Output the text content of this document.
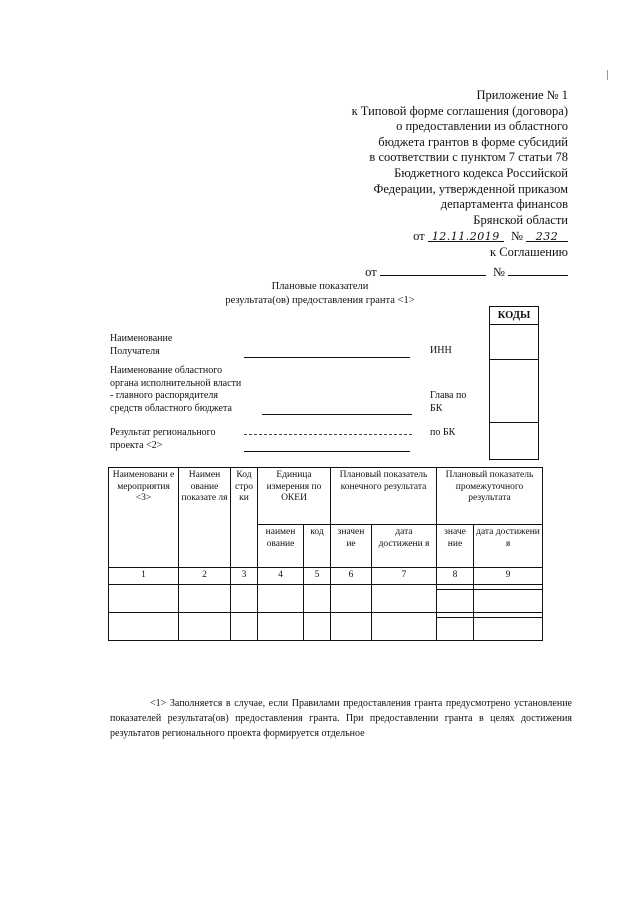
Приложение № 1
к Типовой форме соглашения (договора)
о предоставлении из областного
бюджета грантов в форме субсидий
в соответствии с пунктом 7 статьи 78
Бюджетного кодекса Российской
Федерации, утвержденной приказом
департамента финансов
Брянской области
от 12.11.2019 № 232
к Соглашению
от	№
Плановые показатели
результата(ов) предоставления гранта <1>
КОДЫ

Наименование
Получателя	ИНН
Наименование областного
органа исполнительной власти
- главного распорядителя
средств областного бюджета
Глава по
БК
Результат регионального
проекта <2>
по БК
Наименовани е мероприятия <3>	Наимен ование показате ля	Код стро ки	Единица измерения по ОКЕИ		Плановый показатель конечного результата		Плановый показатель промежуточного результата	
			наимен ование	код	значен ие	дата достижени я	значе ние	дата достижени я
1	2	3	4	5	6	7	8	9

<1> Заполняется в случае, если Правилами предоставления гранта предусмотрено установление показателей результата(ов) предоставления гранта. При предоставлении гранта в целях достижения результатов регионального проекта формируется отдельное
